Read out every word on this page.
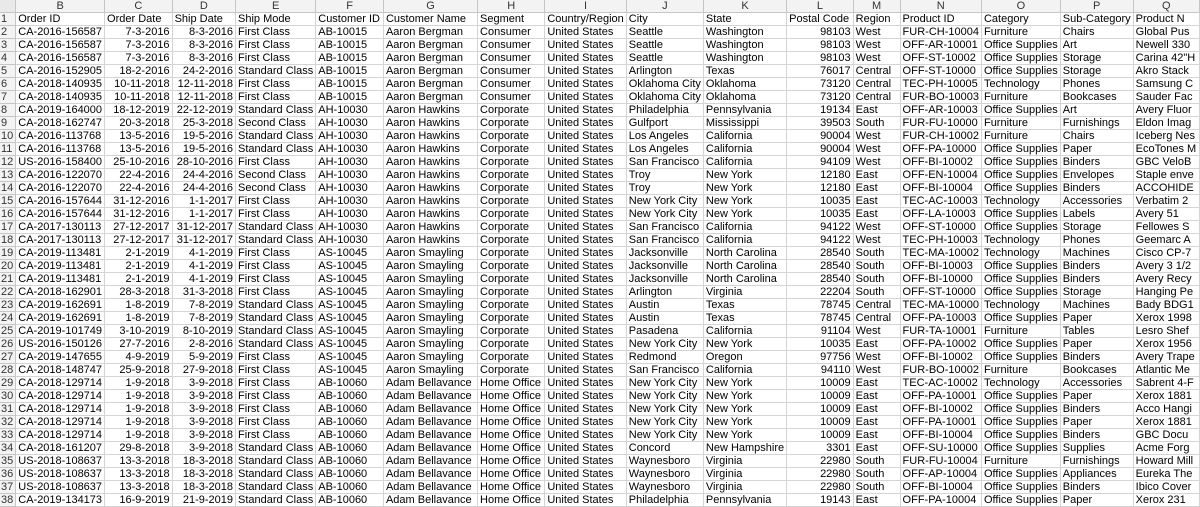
	B	C	D	E	F	G	H	I	J	K	L	M	N	O	P	Q
1	Order ID	Order Date	Ship Date	Ship Mode	Customer ID	Customer Name	Segment	Country/Region	City	State	Postal Code	Region	Product ID	Category	Sub-Category	Product N
2	CA-2016-156587	7-3-2016	8-3-2016	First Class	AB-10015	Aaron Bergman	Consumer	United States	Seattle	Washington	98103	West	FUR-CH-10004	Furniture	Chairs	Global Pus
3	CA-2016-156587	7-3-2016	8-3-2016	First Class	AB-10015	Aaron Bergman	Consumer	United States	Seattle	Washington	98103	West	OFF-AR-10001	Office Supplies	Art	Newell 330
4	CA-2016-156587	7-3-2016	8-3-2016	First Class	AB-10015	Aaron Bergman	Consumer	United States	Seattle	Washington	98103	West	OFF-ST-10002	Office Supplies	Storage	Carina 42"H
5	CA-2016-152905	18-2-2016	24-2-2016	Standard Class	AB-10015	Aaron Bergman	Consumer	United States	Arlington	Texas	76017	Central	OFF-ST-10000	Office Supplies	Storage	Akro Stack
6	CA-2018-140935	10-11-2018	12-11-2018	First Class	AB-10015	Aaron Bergman	Consumer	United States	Oklahoma City	Oklahoma	73120	Central	TEC-PH-10005	Technology	Phones	Samsung C
7	CA-2018-140935	10-11-2018	12-11-2018	First Class	AB-10015	Aaron Bergman	Consumer	United States	Oklahoma City	Oklahoma	73120	Central	FUR-BO-10003	Furniture	Bookcases	Sauder Fac
8	CA-2019-164000	18-12-2019	22-12-2019	Standard Class	AH-10030	Aaron Hawkins	Corporate	United States	Philadelphia	Pennsylvania	19134	East	OFF-AR-10003	Office Supplies	Art	Avery Fluor
9	CA-2018-162747	20-3-2018	25-3-2018	Second Class	AH-10030	Aaron Hawkins	Corporate	United States	Gulfport	Mississippi	39503	South	FUR-FU-10000	Furniture	Furnishings	Eldon Imag
10	CA-2016-113768	13-5-2016	19-5-2016	Standard Class	AH-10030	Aaron Hawkins	Corporate	United States	Los Angeles	California	90004	West	FUR-CH-10002	Furniture	Chairs	Iceberg Nes
11	CA-2016-113768	13-5-2016	19-5-2016	Standard Class	AH-10030	Aaron Hawkins	Corporate	United States	Los Angeles	California	90004	West	OFF-PA-10000	Office Supplies	Paper	EcoTones M
12	US-2016-158400	25-10-2016	28-10-2016	First Class	AH-10030	Aaron Hawkins	Corporate	United States	San Francisco	California	94109	West	OFF-BI-10002	Office Supplies	Binders	GBC VeloB
13	CA-2016-122070	22-4-2016	24-4-2016	Second Class	AH-10030	Aaron Hawkins	Corporate	United States	Troy	New York	12180	East	OFF-EN-10004	Office Supplies	Envelopes	Staple enve
14	CA-2016-122070	22-4-2016	24-4-2016	Second Class	AH-10030	Aaron Hawkins	Corporate	United States	Troy	New York	12180	East	OFF-BI-10004	Office Supplies	Binders	ACCOHIDE
15	CA-2016-157644	31-12-2016	1-1-2017	First Class	AH-10030	Aaron Hawkins	Corporate	United States	New York City	New York	10035	East	TEC-AC-10003	Technology	Accessories	Verbatim 2
16	CA-2016-157644	31-12-2016	1-1-2017	First Class	AH-10030	Aaron Hawkins	Corporate	United States	New York City	New York	10035	East	OFF-LA-10003	Office Supplies	Labels	Avery 51
17	CA-2017-130113	27-12-2017	31-12-2017	Standard Class	AH-10030	Aaron Hawkins	Corporate	United States	San Francisco	California	94122	West	OFF-ST-10000	Office Supplies	Storage	Fellowes S
18	CA-2017-130113	27-12-2017	31-12-2017	Standard Class	AH-10030	Aaron Hawkins	Corporate	United States	San Francisco	California	94122	West	TEC-PH-10003	Technology	Phones	Geemarc A
19	CA-2019-113481	2-1-2019	4-1-2019	First Class	AS-10045	Aaron Smayling	Corporate	United States	Jacksonville	North Carolina	28540	South	TEC-MA-10002	Technology	Machines	Cisco CP-7
20	CA-2019-113481	2-1-2019	4-1-2019	First Class	AS-10045	Aaron Smayling	Corporate	United States	Jacksonville	North Carolina	28540	South	OFF-BI-10003	Office Supplies	Binders	Avery 3 1/2
21	CA-2019-113481	2-1-2019	4-1-2019	First Class	AS-10045	Aaron Smayling	Corporate	United States	Jacksonville	North Carolina	28540	South	OFF-BI-10000	Office Supplies	Binders	Avery Recy
22	CA-2018-162901	28-3-2018	31-3-2018	First Class	AS-10045	Aaron Smayling	Corporate	United States	Arlington	Virginia	22204	South	OFF-ST-10000	Office Supplies	Storage	Hanging Pe
23	CA-2019-162691	1-8-2019	7-8-2019	Standard Class	AS-10045	Aaron Smayling	Corporate	United States	Austin	Texas	78745	Central	TEC-MA-10000	Technology	Machines	Bady BDG1
24	CA-2019-162691	1-8-2019	7-8-2019	Standard Class	AS-10045	Aaron Smayling	Corporate	United States	Austin	Texas	78745	Central	OFF-PA-10003	Office Supplies	Paper	Xerox 1998
25	CA-2019-101749	3-10-2019	8-10-2019	Standard Class	AS-10045	Aaron Smayling	Corporate	United States	Pasadena	California	91104	West	FUR-TA-10001	Furniture	Tables	Lesro Shef
26	US-2016-150126	27-7-2016	2-8-2016	Standard Class	AS-10045	Aaron Smayling	Corporate	United States	New York City	New York	10035	East	OFF-PA-10002	Office Supplies	Paper	Xerox 1956
27	CA-2019-147655	4-9-2019	5-9-2019	First Class	AS-10045	Aaron Smayling	Corporate	United States	Redmond	Oregon	97756	West	OFF-BI-10002	Office Supplies	Binders	Avery Trape
28	CA-2018-148747	25-9-2018	27-9-2018	First Class	AS-10045	Aaron Smayling	Corporate	United States	San Francisco	California	94110	West	FUR-BO-10002	Furniture	Bookcases	Atlantic Me
29	CA-2018-129714	1-9-2018	3-9-2018	First Class	AB-10060	Adam Bellavance	Home Office	United States	New York City	New York	10009	East	TEC-AC-10002	Technology	Accessories	Sabrent 4-F
30	CA-2018-129714	1-9-2018	3-9-2018	First Class	AB-10060	Adam Bellavance	Home Office	United States	New York City	New York	10009	East	OFF-PA-10001	Office Supplies	Paper	Xerox 1881
31	CA-2018-129714	1-9-2018	3-9-2018	First Class	AB-10060	Adam Bellavance	Home Office	United States	New York City	New York	10009	East	OFF-BI-10002	Office Supplies	Binders	Acco Hangi
32	CA-2018-129714	1-9-2018	3-9-2018	First Class	AB-10060	Adam Bellavance	Home Office	United States	New York City	New York	10009	East	OFF-PA-10001	Office Supplies	Paper	Xerox 1881
33	CA-2018-129714	1-9-2018	3-9-2018	First Class	AB-10060	Adam Bellavance	Home Office	United States	New York City	New York	10009	East	OFF-BI-10004	Office Supplies	Binders	GBC Docu
34	CA-2018-161207	29-8-2018	3-9-2018	Standard Class	AB-10060	Adam Bellavance	Home Office	United States	Concord	New Hampshire	3301	East	OFF-SU-10000	Office Supplies	Supplies	Acme Forg
35	US-2018-108637	13-3-2018	18-3-2018	Standard Class	AB-10060	Adam Bellavance	Home Office	United States	Waynesboro	Virginia	22980	South	FUR-FU-10004	Furniture	Furnishings	Howard Mill
36	US-2018-108637	13-3-2018	18-3-2018	Standard Class	AB-10060	Adam Bellavance	Home Office	United States	Waynesboro	Virginia	22980	South	OFF-AP-10004	Office Supplies	Appliances	Eureka The
37	US-2018-108637	13-3-2018	18-3-2018	Standard Class	AB-10060	Adam Bellavance	Home Office	United States	Waynesboro	Virginia	22980	South	OFF-BI-10004	Office Supplies	Binders	Ibico Cover
38	CA-2019-134173	16-9-2019	21-9-2019	Standard Class	AB-10060	Adam Bellavance	Home Office	United States	Philadelphia	Pennsylvania	19143	East	OFF-PA-10004	Office Supplies	Paper	Xerox 231
